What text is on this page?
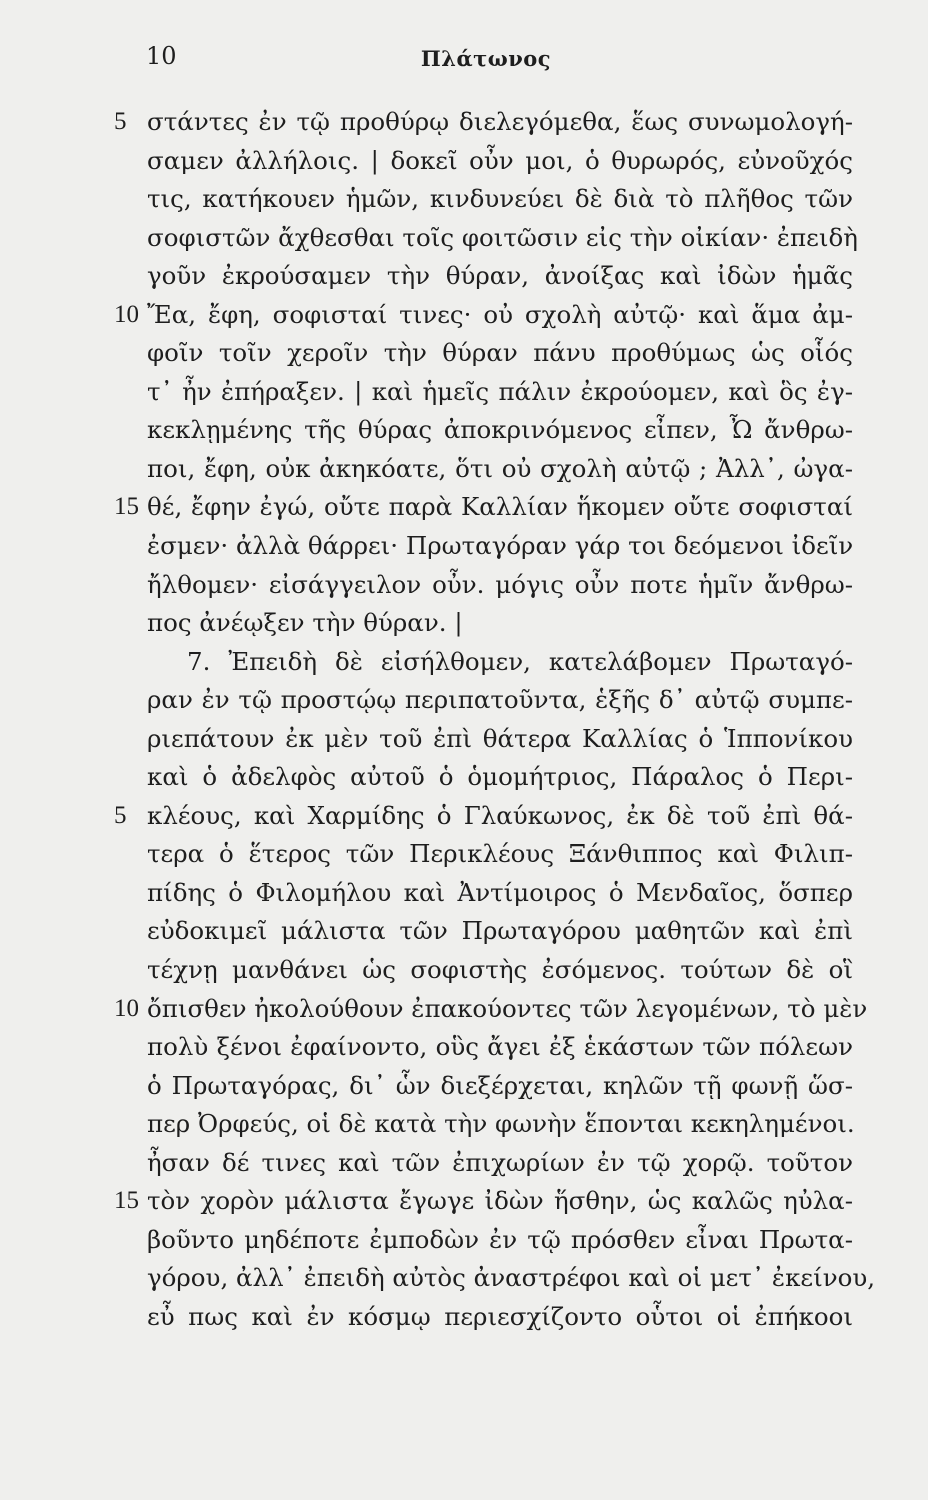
10	Πλάτωνος
5 στάντες ἐν τῷ προθύρῳ διελεγόμεθα, ἕως συνωμολογή-
σαμεν ἀλλήλοις. | δοκεῖ οὖν μοι, ὁ θυρωρός, εὐνοῦχός
τις, κατήκουεν ἡμῶν, κινδυνεύει δὲ διὰ τὸ πλῆθος τῶν
σοφιστῶν ἄχθεσθαι τοῖς φοιτῶσιν εἰς τὴν οἰκίαν· ἐπειδὴ
γοῦν ἐκρούσαμεν τὴν θύραν, ἀνοίξας καὶ ἰδὼν ἡμᾶς
10 Ἔα, ἔφη, σοφισταί τινες· οὐ σχολὴ αὐτῷ· καὶ ἅμα ἀμ-
φοῖν τοῖν χεροῖν τὴν θύραν πάνυ προθύμως ὡς οἷός
τ᾽ ἦν ἐπήραξεν. | καὶ ἡμεῖς πάλιν ἐκρούομεν, καὶ ὃς ἐγ-
κεκλῃμένης τῆς θύρας ἀποκρινόμενος εἶπεν, Ὦ ἄνθρω-
ποι, ἔφη, οὐκ ἀκηκόατε, ὅτι οὐ σχολὴ αὐτῷ ; Ἀλλ᾽, ὠγα-
15 θέ, ἔφην ἐγώ, οὔτε παρὰ Καλλίαν ἥκομεν οὔτε σοφισταί
ἐσμεν· ἀλλὰ θάρρει· Πρωταγόραν γάρ τοι δεόμενοι ἰδεῖν
ἤλθομεν· εἰσάγγειλον οὖν. μόγις οὖν ποτε ἡμῖν ἄνθρω-
πος ἀνέῳξεν τὴν θύραν. |
7. Ἐπειδὴ δὲ εἰσήλθομεν, κατελάβομεν Πρωταγό-
ραν ἐν τῷ προστῴῳ περιπατοῦντα, ἑξῆς δ᾽ αὐτῷ συμπε-
ριεπάτουν ἐκ μὲν τοῦ ἐπὶ θάτερα Καλλίας ὁ Ἱππονίκου
καὶ ὁ ἀδελφὸς αὐτοῦ ὁ ὁμομήτριος, Πάραλος ὁ Περι-
5 κλέους, καὶ Χαρμίδης ὁ Γλαύκωνος, ἐκ δὲ τοῦ ἐπὶ θά-
τερα ὁ ἕτερος τῶν Περικλέους Ξάνθιππος καὶ Φιλιπ-
πίδης ὁ Φιλομήλου καὶ Ἀντίμοιρος ὁ Μενδαῖος, ὅσπερ
εὐδοκιμεῖ μάλιστα τῶν Πρωταγόρου μαθητῶν καὶ ἐπὶ
τέχνῃ μανθάνει ὡς σοφιστὴς ἐσόμενος. τούτων δὲ οἳ
10 ὄπισθεν ἠκολούθουν ἐπακούοντες τῶν λεγομένων, τὸ μὲν
πολὺ ξένοι ἐφαίνοντο, οὓς ἄγει ἐξ ἑκάστων τῶν πόλεων
ὁ Πρωταγόρας, δι᾽ ὧν διεξέρχεται, κηλῶν τῇ φωνῇ ὥσ-
περ Ὀρφεύς, οἱ δὲ κατὰ τὴν φωνὴν ἕπονται κεκηλημένοι.
ἦσαν δέ τινες καὶ τῶν ἐπιχωρίων ἐν τῷ χορῷ. τοῦτον
15 τὸν χορὸν μάλιστα ἔγωγε ἰδὼν ἥσθην, ὡς καλῶς ηὐλα-
βοῦντο μηδέποτε ἐμποδὼν ἐν τῷ πρόσθεν εἶναι Πρωτα-
γόρου, ἀλλ᾽ ἐπειδὴ αὐτὸς ἀναστρέφοι καὶ οἱ μετ᾽ ἐκείνου,
εὖ πως καὶ ἐν κόσμῳ περιεσχίζοντο οὗτοι οἱ ἐπήκοοι
